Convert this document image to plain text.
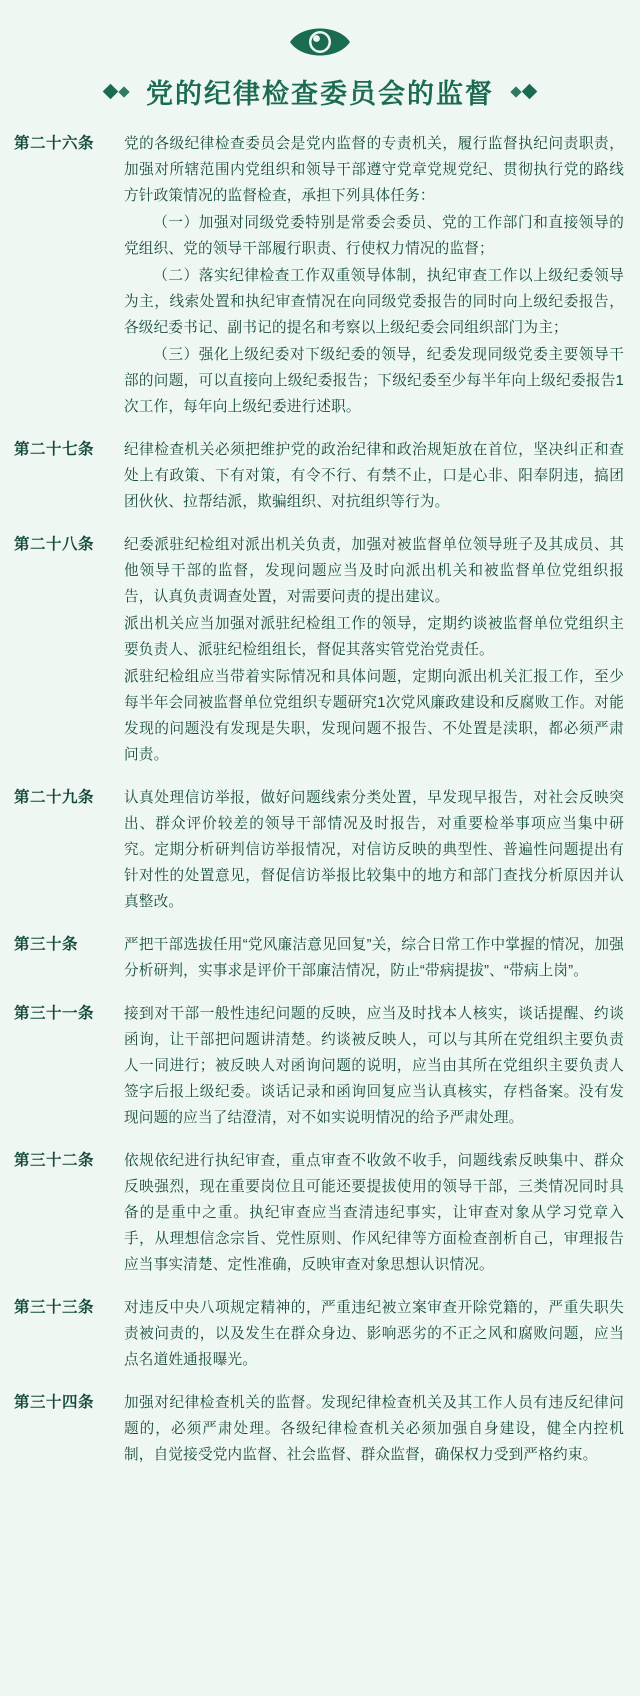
党的纪律检查委员会的监督
第二十六条	党的各级纪律检查委员会是党内监督的专责机关，履行监督执纪问责职责，加强对所辖范围内党组织和领导干部遵守党章党规党纪、贯彻执行党的路线方针政策情况的监督检查，承担下列具体任务：

（一）加强对同级党委特别是常委会委员、党的工作部门和直接领导的党组织、党的领导干部履行职责、行使权力情况的监督；

（二）落实纪律检查工作双重领导体制，执纪审查工作以上级纪委领导为主，线索处置和执纪审查情况在向同级党委报告的同时向上级纪委报告，各级纪委书记、副书记的提名和考察以上级纪委会同组织部门为主；

（三）强化上级纪委对下级纪委的领导，纪委发现同级党委主要领导干部的问题，可以直接向上级纪委报告；下级纪委至少每半年向上级纪委报告1次工作，每年向上级纪委进行述职。

第二十七条	纪律检查机关必须把维护党的政治纪律和政治规矩放在首位，坚决纠正和查处上有政策、下有对策，有令不行、有禁不止，口是心非、阳奉阴违，搞团团伙伙、拉帮结派，欺骗组织、对抗组织等行为。

第二十八条	纪委派驻纪检组对派出机关负责，加强对被监督单位领导班子及其成员、其他领导干部的监督，发现问题应当及时向派出机关和被监督单位党组织报告，认真负责调查处置，对需要问责的提出建议。

派出机关应当加强对派驻纪检组工作的领导，定期约谈被监督单位党组织主要负责人、派驻纪检组组长，督促其落实管党治党责任。

派驻纪检组应当带着实际情况和具体问题，定期向派出机关汇报工作，至少每半年会同被监督单位党组织专题研究1次党风廉政建设和反腐败工作。对能发现的问题没有发现是失职，发现问题不报告、不处置是渎职，都必须严肃问责。

第二十九条	认真处理信访举报，做好问题线索分类处置，早发现早报告，对社会反映突出、群众评价较差的领导干部情况及时报告，对重要检举事项应当集中研究。定期分析研判信访举报情况，对信访反映的典型性、普遍性问题提出有针对性的处置意见，督促信访举报比较集中的地方和部门查找分析原因并认真整改。

第三十条	严把干部选拔任用“党风廉洁意见回复”关，综合日常工作中掌握的情况，加强分析研判，实事求是评价干部廉洁情况，防止“带病提拔”、“带病上岗”。

第三十一条	接到对干部一般性违纪问题的反映，应当及时找本人核实，谈话提醒、约谈函询，让干部把问题讲清楚。约谈被反映人，可以与其所在党组织主要负责人一同进行；被反映人对函询问题的说明，应当由其所在党组织主要负责人签字后报上级纪委。谈话记录和函询回复应当认真核实，存档备案。没有发现问题的应当了结澄清，对不如实说明情况的给予严肃处理。

第三十二条	依规依纪进行执纪审查，重点审查不收敛不收手，问题线索反映集中、群众反映强烈，现在重要岗位且可能还要提拔使用的领导干部，三类情况同时具备的是重中之重。执纪审查应当查清违纪事实，让审查对象从学习党章入手，从理想信念宗旨、党性原则、作风纪律等方面检查剖析自己，审理报告应当事实清楚、定性准确，反映审查对象思想认识情况。

第三十三条	对违反中央八项规定精神的，严重违纪被立案审查开除党籍的，严重失职失责被问责的，以及发生在群众身边、影响恶劣的不正之风和腐败问题，应当点名道姓通报曝光。

第三十四条	加强对纪律检查机关的监督。发现纪律检查机关及其工作人员有违反纪律问题的，必须严肃处理。各级纪律检查机关必须加强自身建设，健全内控机制，自觉接受党内监督、社会监督、群众监督，确保权力受到严格约束。
